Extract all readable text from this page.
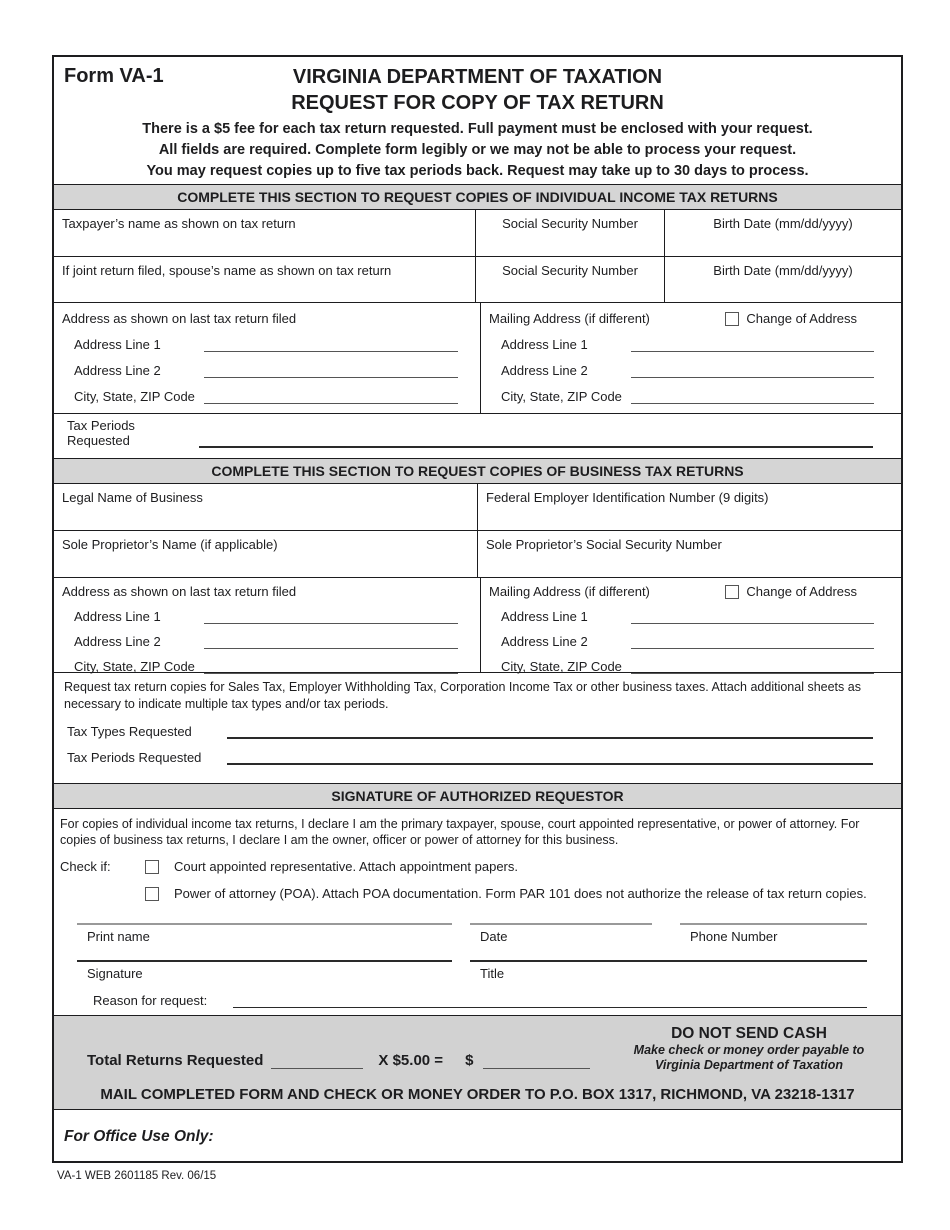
Form VA-1	VIRGINIA DEPARTMENT OF TAXATION
REQUEST FOR COPY OF TAX RETURN
There is a $5 fee for each tax return requested. Full payment must be enclosed with your request.
All fields are required. Complete form legibly or we may not be able to process your request.
You may request copies up to five tax periods back. Request may take up to 30 days to process.
COMPLETE THIS SECTION TO REQUEST COPIES OF INDIVIDUAL INCOME TAX RETURNS
Taxpayer’s name as shown on tax return	Social Security Number	Birth Date (mm/dd/yyyy)
If joint return filed, spouse’s name as shown on tax return	Social Security Number	Birth Date (mm/dd/yyyy)
Address as shown on last tax return filed
Address Line 1
Address Line 2
City, State, ZIP Code
Mailing Address (if different)	Change of Address
Address Line 1
Address Line 2
City, State, ZIP Code
Tax Periods Requested
COMPLETE THIS SECTION TO REQUEST COPIES OF BUSINESS TAX RETURNS
Legal Name of Business	Federal Employer Identification Number (9 digits)
Sole Proprietor’s Name (if applicable)	Sole Proprietor’s Social Security Number
Address as shown on last tax return filed
Address Line 1
Address Line 2
City, State, ZIP Code
Mailing Address (if different)	Change of Address
Address Line 1
Address Line 2
City, State, ZIP Code
Request tax return copies for Sales Tax, Employer Withholding Tax, Corporation Income Tax or other business taxes. Attach additional sheets as necessary to indicate multiple tax types and/or tax periods.
Tax Types Requested
Tax Periods Requested
SIGNATURE OF AUTHORIZED REQUESTOR
For copies of individual income tax returns, I declare I am the primary taxpayer, spouse, court appointed representative, or power of attorney. For copies of business tax returns, I declare I am the owner, officer or power of attorney for this business.
Check if:	Court appointed representative. Attach appointment papers.
Power of attorney (POA). Attach POA documentation. Form PAR 101 does not authorize the release of tax return copies.
Print name	Date	Phone Number
Signature	Title
Reason for request:
Total Returns Requested	X $5.00 = $
DO NOT SEND CASH
Make check or money order payable to
Virginia Department of Taxation
MAIL COMPLETED FORM AND CHECK OR MONEY ORDER TO P.O. BOX 1317, RICHMOND, VA 23218-1317
For Office Use Only:
VA-1 WEB 2601185 Rev. 06/15
